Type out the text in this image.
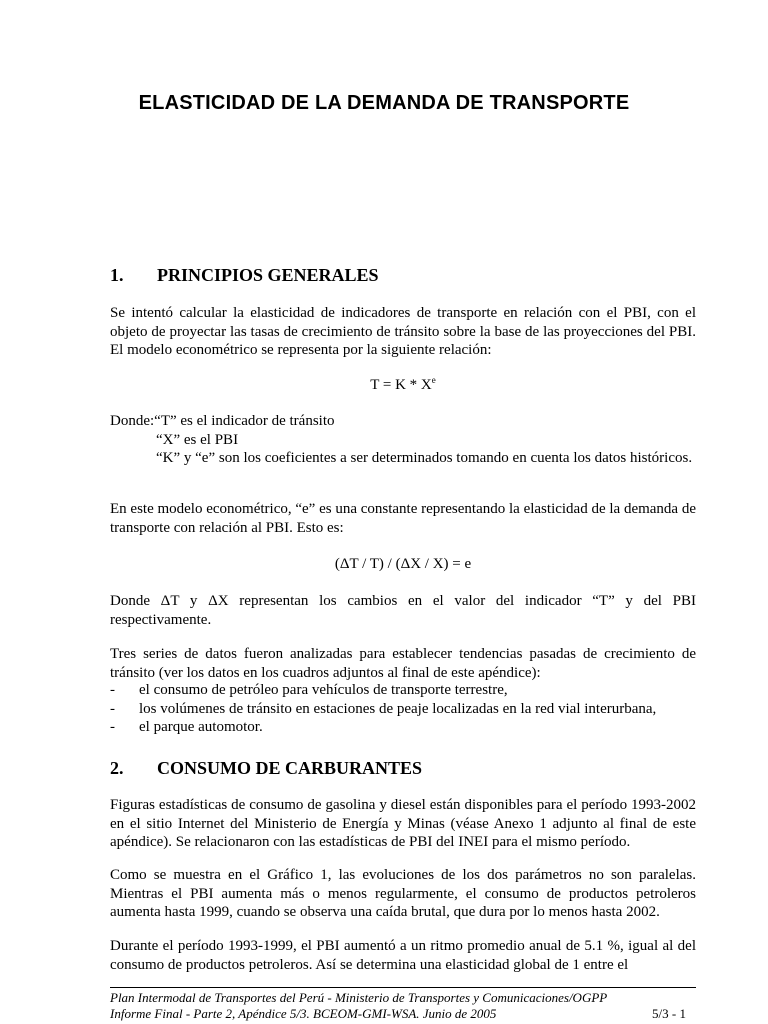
ELASTICIDAD DE LA DEMANDA DE TRANSPORTE
1. PRINCIPIOS GENERALES
Se intentó calcular la elasticidad de indicadores de transporte en relación con el PBI, con el objeto de proyectar las tasas de crecimiento de tránsito sobre la base de las proyecciones del PBI. El modelo econométrico se representa por la siguiente relación:
T = K * Xe
Donde:“T” es el indicador de tránsito
“X” es el PBI
“K” y “e” son los coeficientes a ser determinados tomando en cuenta los datos históricos.
En este modelo econométrico, “e” es una constante representando la elasticidad de la demanda de transporte con relación al PBI. Esto es:
(ΔT / T) / (ΔX / X) = e
Donde ΔT y ΔX representan los cambios en el valor del indicador “T” y del PBI respectivamente.
Tres series de datos fueron analizadas para establecer tendencias pasadas de crecimiento de tránsito (ver los datos en los cuadros adjuntos al final de este apéndice):
-	el consumo de petróleo para vehículos de transporte terrestre,
-	los volúmenes de tránsito en estaciones de peaje localizadas en la red vial interurbana,
-	el parque automotor.
2. CONSUMO DE CARBURANTES
Figuras estadísticas de consumo de gasolina y diesel están disponibles para el período 1993-2002 en el sitio Internet del Ministerio de Energía y Minas (véase Anexo 1 adjunto al final de este apéndice). Se relacionaron con las estadísticas de PBI del INEI para el mismo período.
Como se muestra en el Gráfico 1, las evoluciones de los dos parámetros no son paralelas. Mientras el PBI aumenta más o menos regularmente, el consumo de productos petroleros aumenta hasta 1999, cuando se observa una caída brutal, que dura por lo menos hasta 2002.
Durante el período 1993-1999, el PBI aumentó a un ritmo promedio anual de 5.1 %, igual al del consumo de productos petroleros. Así se determina una elasticidad global de 1 entre el
Plan Intermodal de Transportes del Perú - Ministerio de Transportes y Comunicaciones/OGPP
Informe Final - Parte 2, Apéndice 5/3. BCEOM-GMI-WSA. Junio de 2005	5/3 - 1
